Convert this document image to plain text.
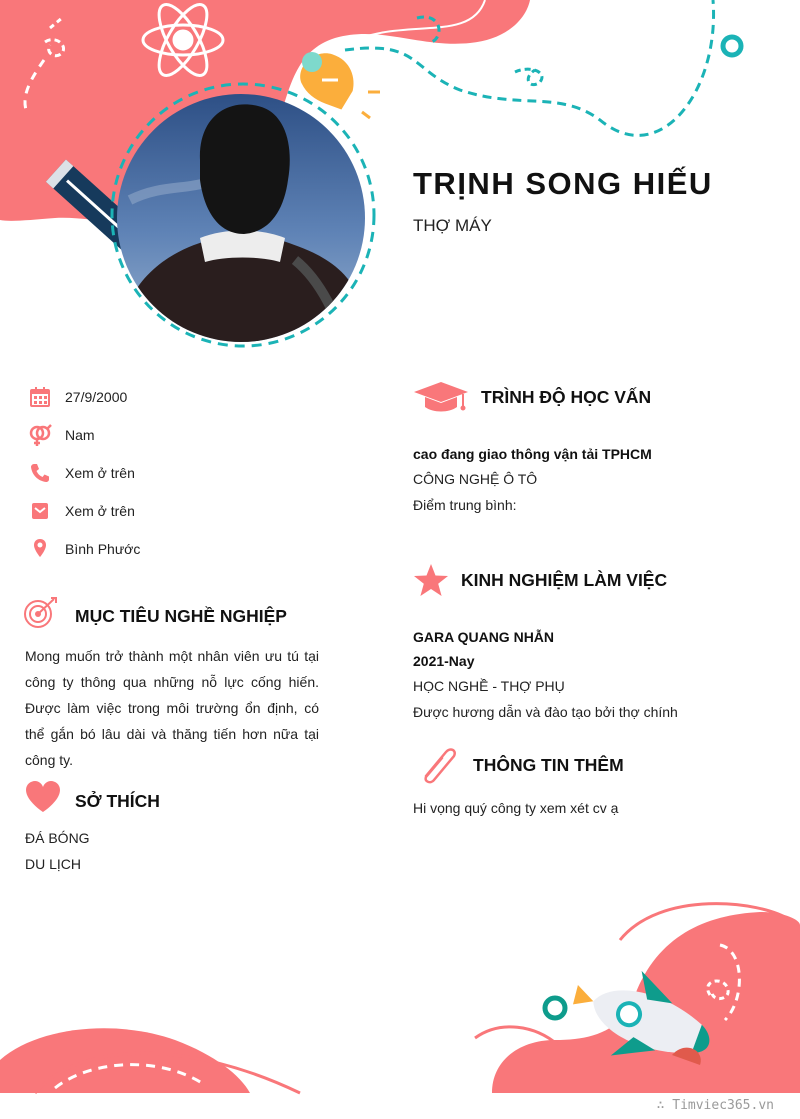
TRỊNH SONG HIẾU
THỢ MÁY
27/9/2000
Nam
Xem ở trên
Xem ở trên
Bình Phước
MỤC TIÊU NGHỀ NGHIỆP
Mong muốn trở thành một nhân viên ưu tú tại công ty thông qua những nỗ lực cống hiến. Được làm việc trong môi trường ổn định, có thể gắn bó lâu dài và thăng tiến hơn nữa tại công ty.
SỞ THÍCH
ĐÁ BÓNG
DU LỊCH
TRÌNH ĐỘ HỌC VẤN
cao đang giao thông vận tải TPHCM
CÔNG NGHỆ Ô TÔ
Điểm trung bình:
KINH NGHIỆM LÀM VIỆC
GARA QUANG NHẪN
2021-Nay
HỌC NGHỀ - THỢ PHỤ
Được hương dẫn và đào tạo bởi thợ chính
THÔNG TIN THÊM
Hi vọng quý công ty xem xét cv ạ
∴ Timviec365.vn
